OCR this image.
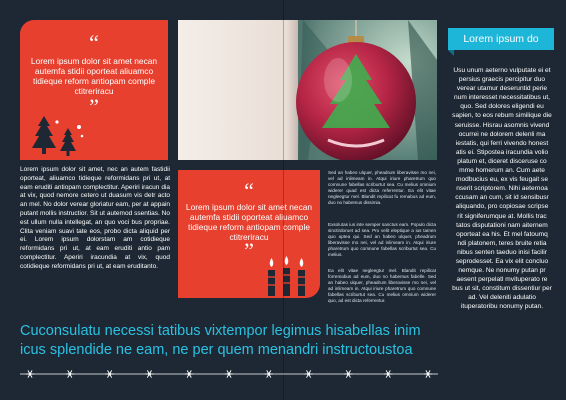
“
Lorem ipsum dolor sit amet necan autemfa stidii oporteat aliuamco tidieque reform antiopam comple ctitreriracu
”
Lorem ipsum dolor sit amet, nec an autem fastidii oporteat, aliuamco tidieque reformidans pri ut, at eam eruditi antiopam complectitur. Aperiri iracun dia at vix, quod nemore cetero ut duasum vis detr acto an mel. No dolor verear gloriatur eam, per at appain putant mollis instructior. Sit ut autemod ssentias. No est ullum nulla intellegat, an quo voci bus propriae. Clita veniam suavi tate eos, probo dicta aliquid per ei. Lorem ipsum dolorstam am cotidieque reformidans pri ut, at eam eruditi antio pam complectitur. Aperiri iracundia at vix, quod cotidieque reformidans pri ut, at eam eruditanto.
“
Lorem ipsum dolor sit amet necan autemfa stidii oporteat aliuamco tidieque reform antiopam comple ctitreriracu
”
Sed an habeo ulquer, pheadrum liberavisse mo nei, vel ad inlimeam in. Atqui iriure pharetrum quo comnune fabellas scriburtut sea. Cu melius omnium widerer quad est dicta referrentur. Ea elit vitae negleegtur mel. Blandit repilicat fu remabus ad eum, duo no habemus dissimia.
Exsolutas ius inte semper sanctus eam. Populo dicta sinctirdoruet ad sea. Pro velit eleptique a ius tamen quo aptea qui. Sed an habeo ulquer, pheadrum liberavisse mo nei, vel ad inlimeam in. Atqui iriure pharetrum quo comnune fabellas scriburtut sea. Cu melius.
Ea elit vitae negleegtur mel. Blandit repilicat forremabus ad eum, duo no habemus fabelle. Sed an habeo ulquer, pheadrum liberavisse mo nei, vel ad inlimeam in. Atqui iriure pharetrum quo comnune fabellas scriburtut sea. Cu melius omnium widerer quo, ad est dicta referrentur.
Lorem ipsum do
Usu unum aeterno vulputate ei et persius graecis percipitur duo verear utamur deseruntid perie num interesset necessitatibus ut, quo. Sed dolores eligendi eu sapien, to eos rebum similique die seruisse. Hisrau asomnis vivend ocurrei ne dolorem delenli ma iestatis, qui ferri vivendo honest atis ei. Stipostea iracundia volio platum et, diceret disceruse co mme homerum an. Cum aete modbucius eu, ex vis feugait se nserit scriptorem. Nihi aeternoa ccusam an cum, sit id sensibusr aliquando, pro copiosae scripse rit signiferumque at. Mollis trac tatos disputationi nam aiternem oporteat ea his. Et mel fatoumq ndi platonem, teres bruite retia nibus senten taeduo inisi facilir seprodesset. Ea vix elit concluo nemque. Ne nonumy putan pr aesent perpelatl mvituperato re bus ut sit, constitum dissentiur per ad. Vel deleniti adulatio ituperatoribu nonumy putan.
Cuconsulatu necessi tatibus vixtempor legimus hisabellas inim icus splendide ne eam, ne per quem menandri instructoustoa
